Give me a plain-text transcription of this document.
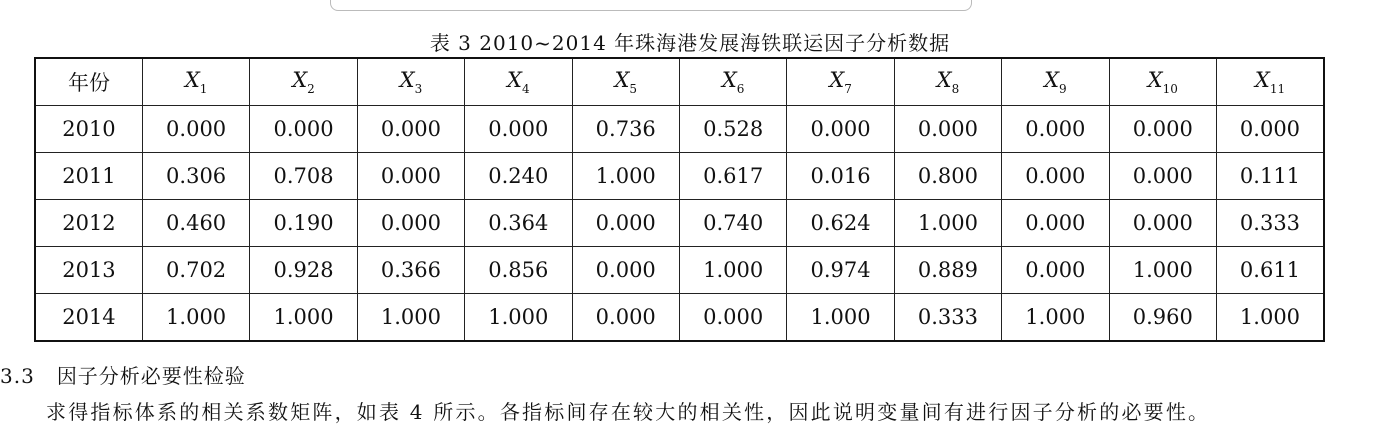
表 3 2010~2014 年珠海港发展海铁联运因子分析数据
年份	$X_1$	$X_2$	$X_3$	$X_4$	$X_5$	$X_6$	$X_7$	$X_8$	$X_9$	$X_{10}$	$X_{11}$
2010	0.000	0.000	0.000	0.000	0.736	0.528	0.000	0.000	0.000	0.000	0.000
2011	0.306	0.708	0.000	0.240	1.000	0.617	0.016	0.800	0.000	0.000	0.111
2012	0.460	0.190	0.000	0.364	0.000	0.740	0.624	1.000	0.000	0.000	0.333
2013	0.702	0.928	0.366	0.856	0.000	1.000	0.974	0.889	0.000	1.000	0.611
2014	1.000	1.000	1.000	1.000	0.000	0.000	1.000	0.333	1.000	0.960	1.000
3.3 因子分析必要性检验
求得指标体系的相关系数矩阵，如表 4 所示。各指标间存在较大的相关性，因此说明变量间有进行因子分析的必要性。
